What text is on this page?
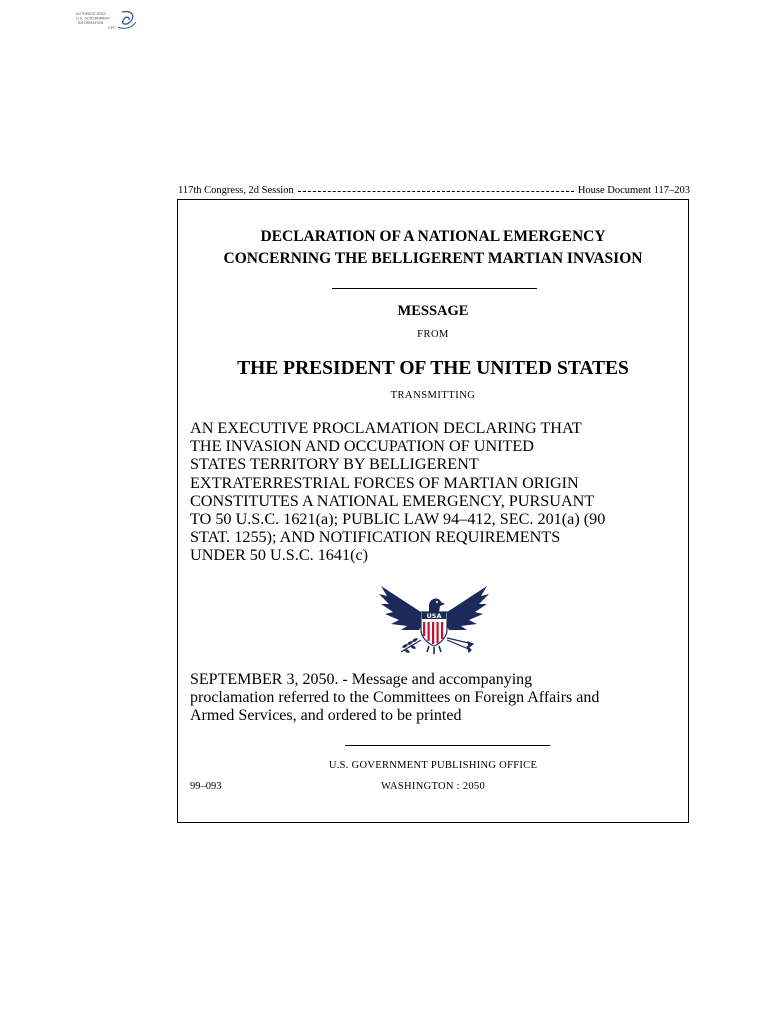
AUTHENTICATED
U.S. GOVERNMENT
INFORMATION
GPO
117th Congress, 2d Session	House Document 117–203
DECLARATION OF A NATIONAL EMERGENCY
CONCERNING THE BELLIGERENT MARTIAN INVASION
MESSAGE
FROM
THE PRESIDENT OF THE UNITED STATES
TRANSMITTING
AN EXECUTIVE PROCLAMATION DECLARING THAT
THE INVASION AND OCCUPATION OF UNITED
STATES TERRITORY BY BELLIGERENT
EXTRATERRESTRIAL FORCES OF MARTIAN ORIGIN
CONSTITUTES A NATIONAL EMERGENCY, PURSUANT
TO 50 U.S.C. 1621(a); PUBLIC LAW 94–412, SEC. 201(a) (90
STAT. 1255); AND NOTIFICATION REQUIREMENTS
UNDER 50 U.S.C. 1641(c)
USA
SEPTEMBER 3, 2050. - Message and accompanying
proclamation referred to the Committees on Foreign Affairs and
Armed Services, and ordered to be printed
U.S. GOVERNMENT PUBLISHING OFFICE
WASHINGTON : 2050
99–093
